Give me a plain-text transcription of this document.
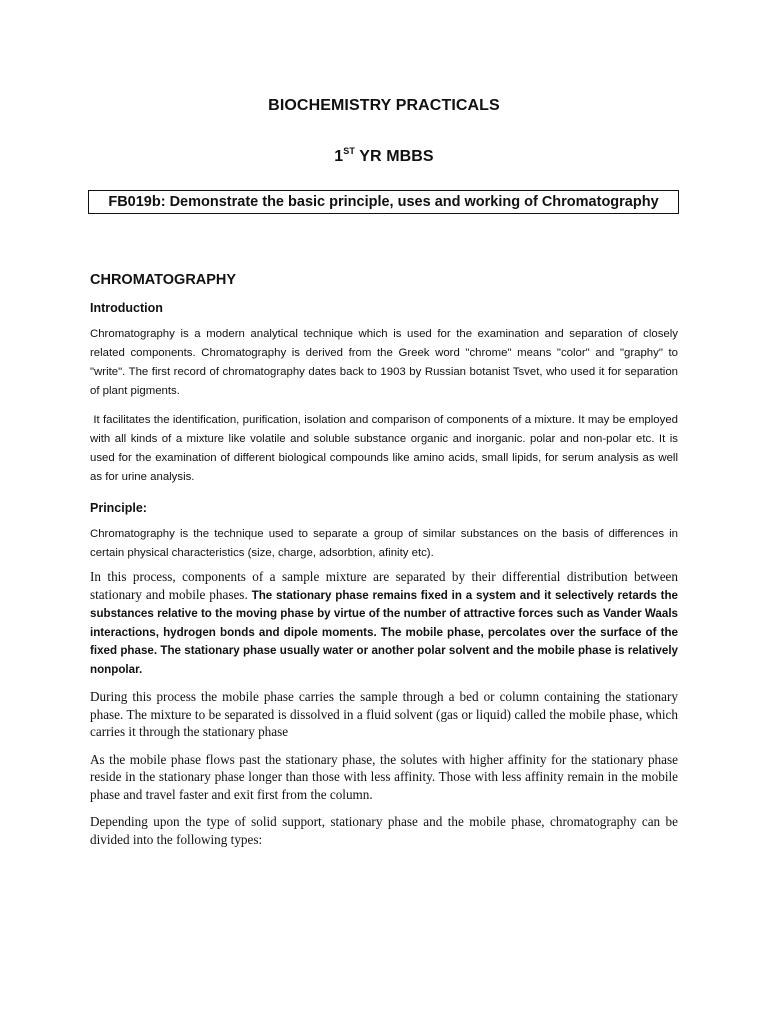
BIOCHEMISTRY PRACTICALS
1ST YR MBBS
FB019b: Demonstrate the basic principle, uses and working of Chromatography
CHROMATOGRAPHY
Introduction

Chromatography is a modern analytical technique which is used for the examination and separation of closely related components. Chromatography is derived from the Greek word "chrome" means "color" and "graphy" to "write". The first record of chromatography dates back to 1903 by Russian botanist Tsvet, who used it for separation of plant pigments.

It facilitates the identification, purification, isolation and comparison of components of a mixture. It may be employed with all kinds of a mixture like volatile and soluble substance organic and inorganic. polar and non-polar etc. It is used for the examination of different biological compounds like amino acids, small lipids, for serum analysis as well as for urine analysis.

Principle:

Chromatography is the technique used to separate a group of similar substances on the basis of differences in certain physical characteristics (size, charge, adsorbtion, afinity etc).

In this process, components of a sample mixture are separated by their differential distribution between stationary and mobile phases. The stationary phase remains fixed in a system and it selectively retards the substances relative to the moving phase by virtue of the number of attractive forces such as Vander Waals interactions, hydrogen bonds and dipole moments. The mobile phase, percolates over the surface of the fixed phase. The stationary phase usually water or another polar solvent and the mobile phase is relatively nonpolar.

During this process the mobile phase carries the sample through a bed or column containing the stationary phase. The mixture to be separated is dissolved in a fluid solvent (gas or liquid) called the mobile phase, which carries it through the stationary phase

As the mobile phase flows past the stationary phase, the solutes with higher affinity for the stationary phase reside in the stationary phase longer than those with less affinity. Those with less affinity remain in the mobile phase and travel faster and exit first from the column.

Depending upon the type of solid support, stationary phase and the mobile phase, chromatography can be divided into the following types:
